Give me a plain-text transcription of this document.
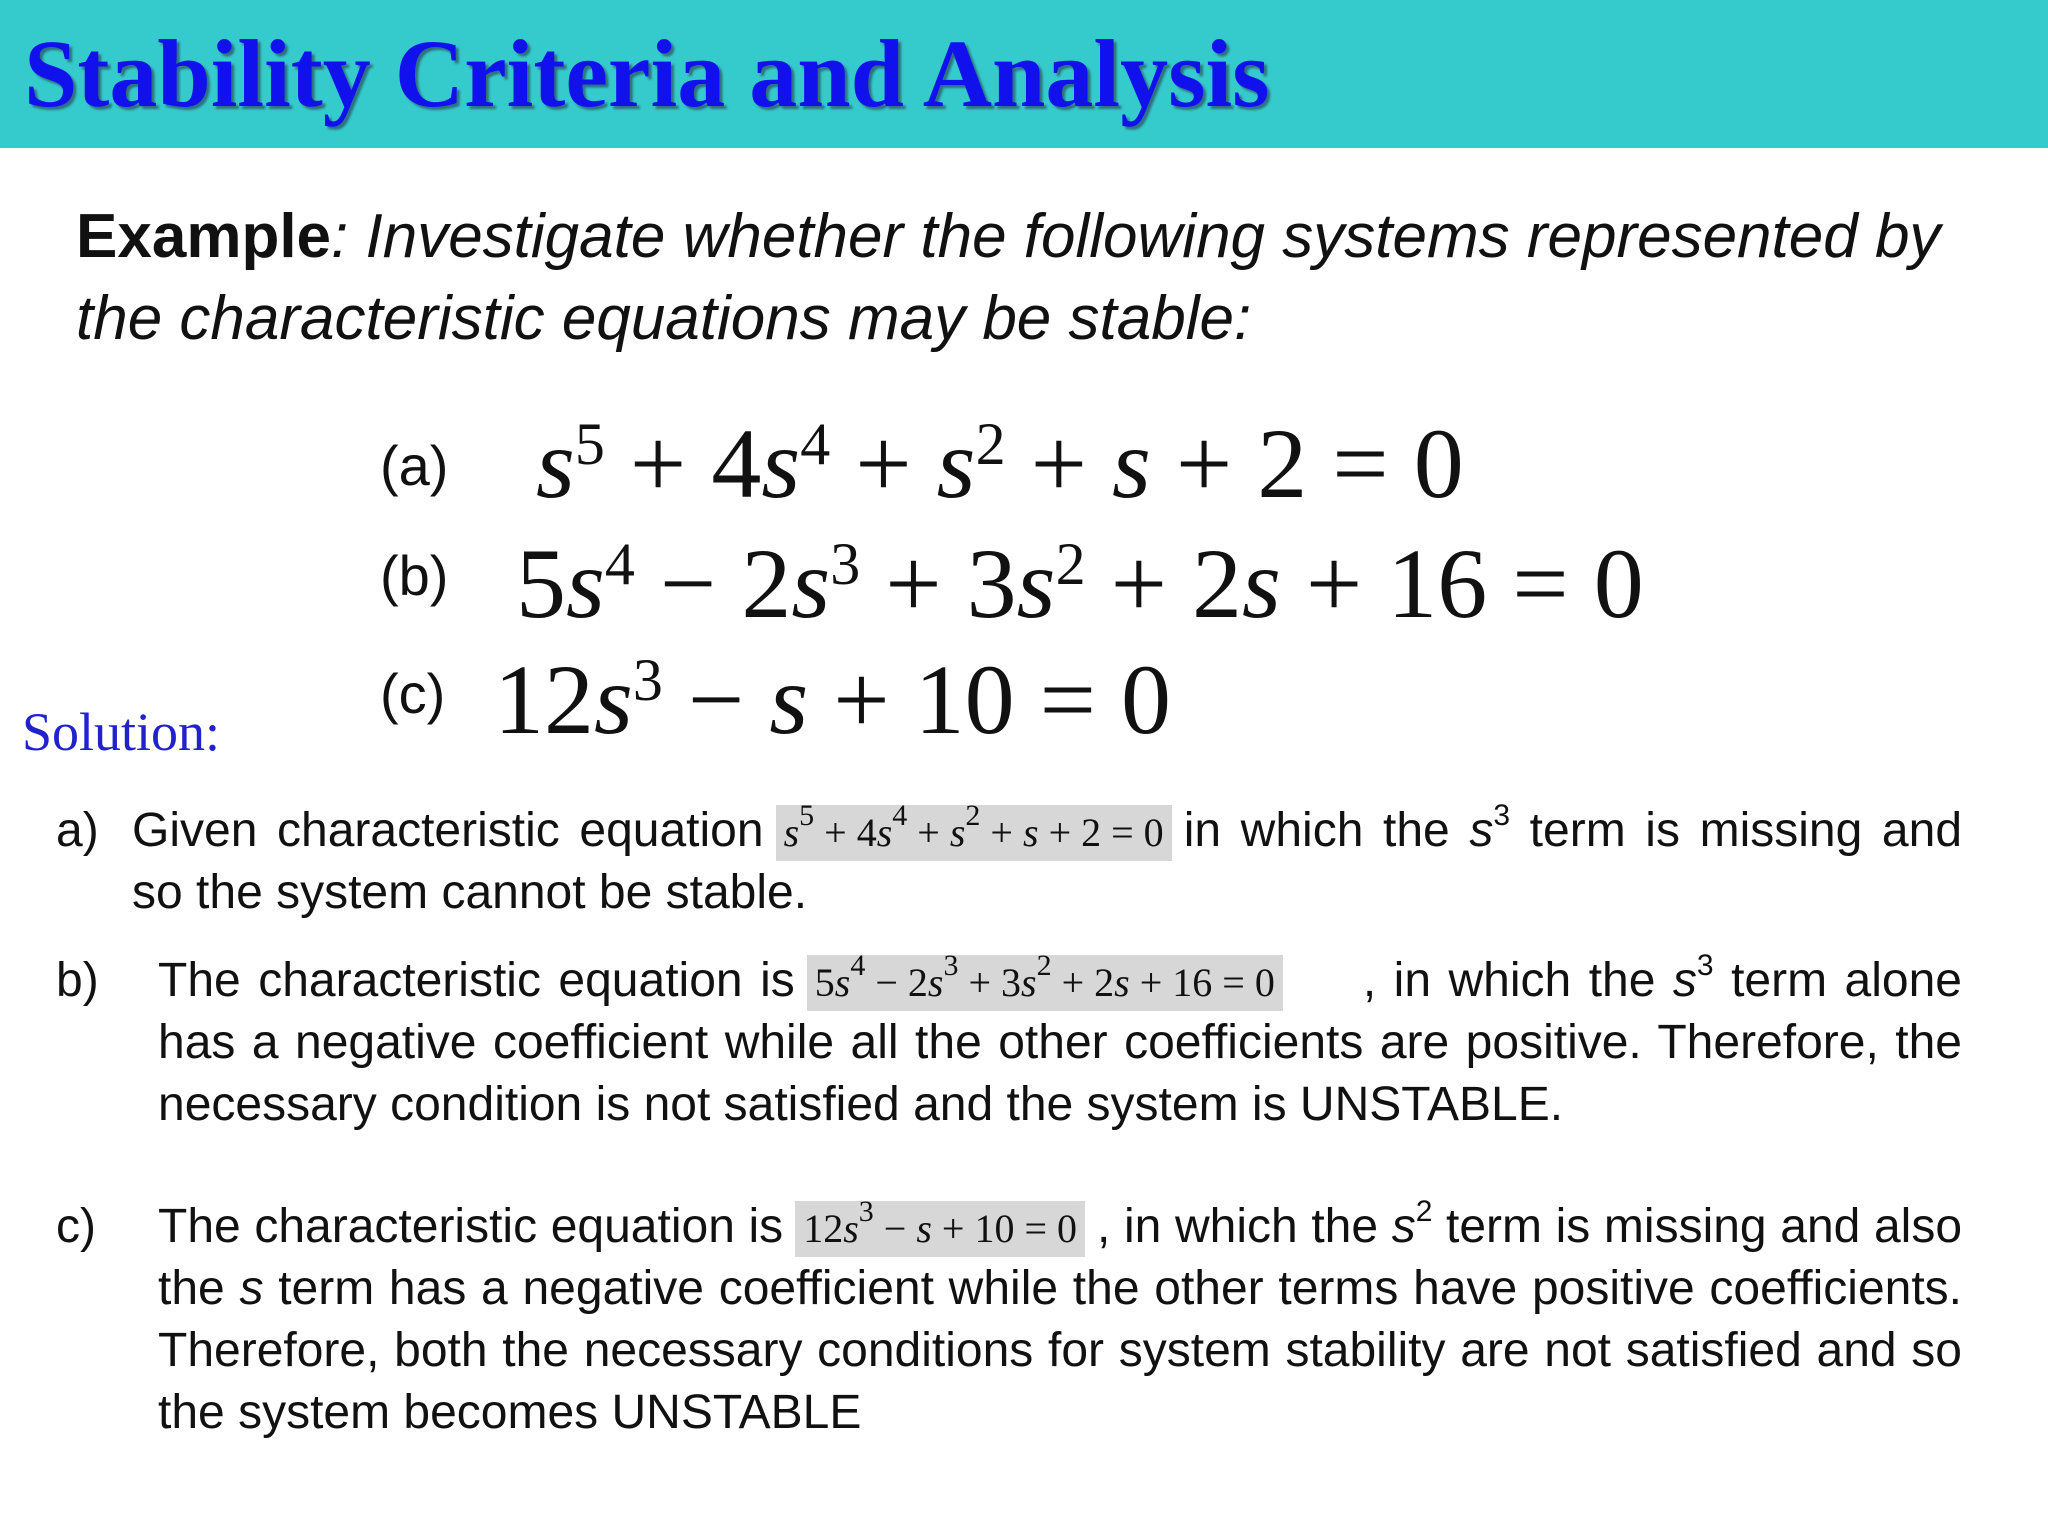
Stability Criteria and Analysis
Example: Investigate whether the following systems represented by the characteristic equations may be stable:
(a) $s^5 + 4s^4 + s^2 + s + 2 = 0$
(b) $5s^4 - 2s^3 + 3s^2 + 2s + 16 = 0$
(c) $12s^3 - s + 10 = 0$
Solution:
a) Given characteristic equation $s^5 + 4s^4 + s^2 + s + 2 = 0$ in which the $s^3$ term is missing and so the system cannot be stable.
b) The characteristic equation is $5s^4 - 2s^3 + 3s^2 + 2s + 16 = 0$ , in which the $s^3$ term alone has a negative coefficient while all the other coefficients are positive. Therefore, the necessary condition is not satisfied and the system is UNSTABLE.
c) The characteristic equation is $12s^3 - s + 10 = 0$ , in which the $s^2$ term is missing and also the s term has a negative coefficient while the other terms have positive coefficients. Therefore, both the necessary conditions for system stability are not satisfied and so the system becomes UNSTABLE
